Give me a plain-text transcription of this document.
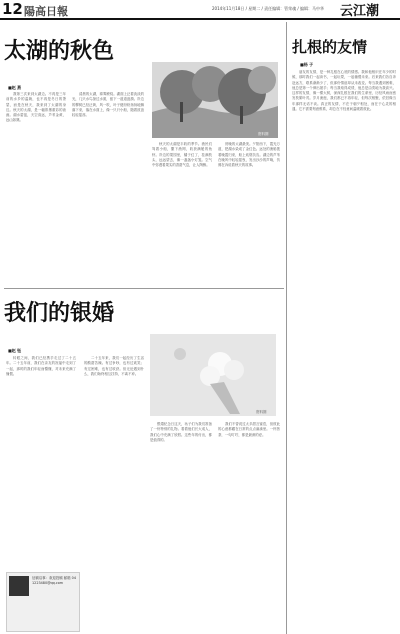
12 陽高日報	2014年11月18日 / 星期二 / 责任编辑：管荣魂 / 编辑：马中华 云江潮
太湖的秋色
■赵 燕
资料图

我第三次来到太湖边。不再是三年前的水乡的温婉，也不再是冬日的萧瑟，而是在秋天，我来到了太湖的身边。秋天的太湖，是一幅浓墨重彩的油画。湖水碧蓝，天空高远，芦苇金黄，远山如黛。

清晨的太湖，薄雾缭绕。湖面上泛着淡淡的光，几只水鸟掠过水面，留下一道道涟漪。岸边的柳树已经泛黄，风一吹，叶子便纷纷扬扬地飘落下来，落在水面上，像一只只小船，随着波浪轻轻摇荡。

秋天的太湖是丰收的季节。渔民们驾着小船，撒下渔网，收获满舱的鱼虾。岸边的果园里，橘子红了，挂满枝头，远远望去，像一盏盏小灯笼。空气中弥漫着果实的香甜气息，让人陶醉。

傍晚的太湖最美。夕阳西下，霞光万道，把湖水染成了金红色。远处的渔船披着晚霞归来，船上炊烟袅袅。湖边的芦苇在晚风中轻轻摇曳，发出沙沙的声响，仿佛在诉说着秋天的故事。

扎根的友情
■杨 子

朋友的友情，是一种扎根在心底的情感。我和他相识在年少的时候，那时我们一起读书，一起玩耍，一起憧憬未来。后来我们各自奔赴远方，联系渐渐少了，但那份情谊却从未改变。每当我遇到困难，他总是第一个伸出援手；每当我取得成绩，他总是由衷地为我高兴。这样的友情，像一棵大树，深深扎根在我们的生命里，历经风雨而愈发枝繁叶茂。岁月流逝，我们都已不再年轻，但每次相聚，依旧像当年那样无话不谈。真正的友情，不在于朝夕相处，而在于心灵的相通。它不需要刻意维系，却总在不经意间温暖着彼此。

我们的银婚
■赵 钰

转眼之间，我们已经携手走过了二十五年。二十五年前，我们在亲友的祝福中走到了一起，那时的我们年轻而懵懂，对未来充满了憧憬。

征稿启事：欢迎投稿 邮箱 041223480@qq.com
资料图

二十五年来，我们一起经历了生活的酸甜苦辣。有过争吵，也有过欢笑；有过困难，也有过收获。但无论遇到什么，我们始终相互扶持，不离不弃。

银婚纪念日这天，孩子们为我们准备了一份特别的礼物。看着他们长大成人，我们心中充满了欣慰。这些年的付出，都是值得的。

我们不曾说过太多甜言蜜语，但彼此的心意都藏在日常的点点滴滴里。一杯热茶，一句叮咛，都是最深的爱。
